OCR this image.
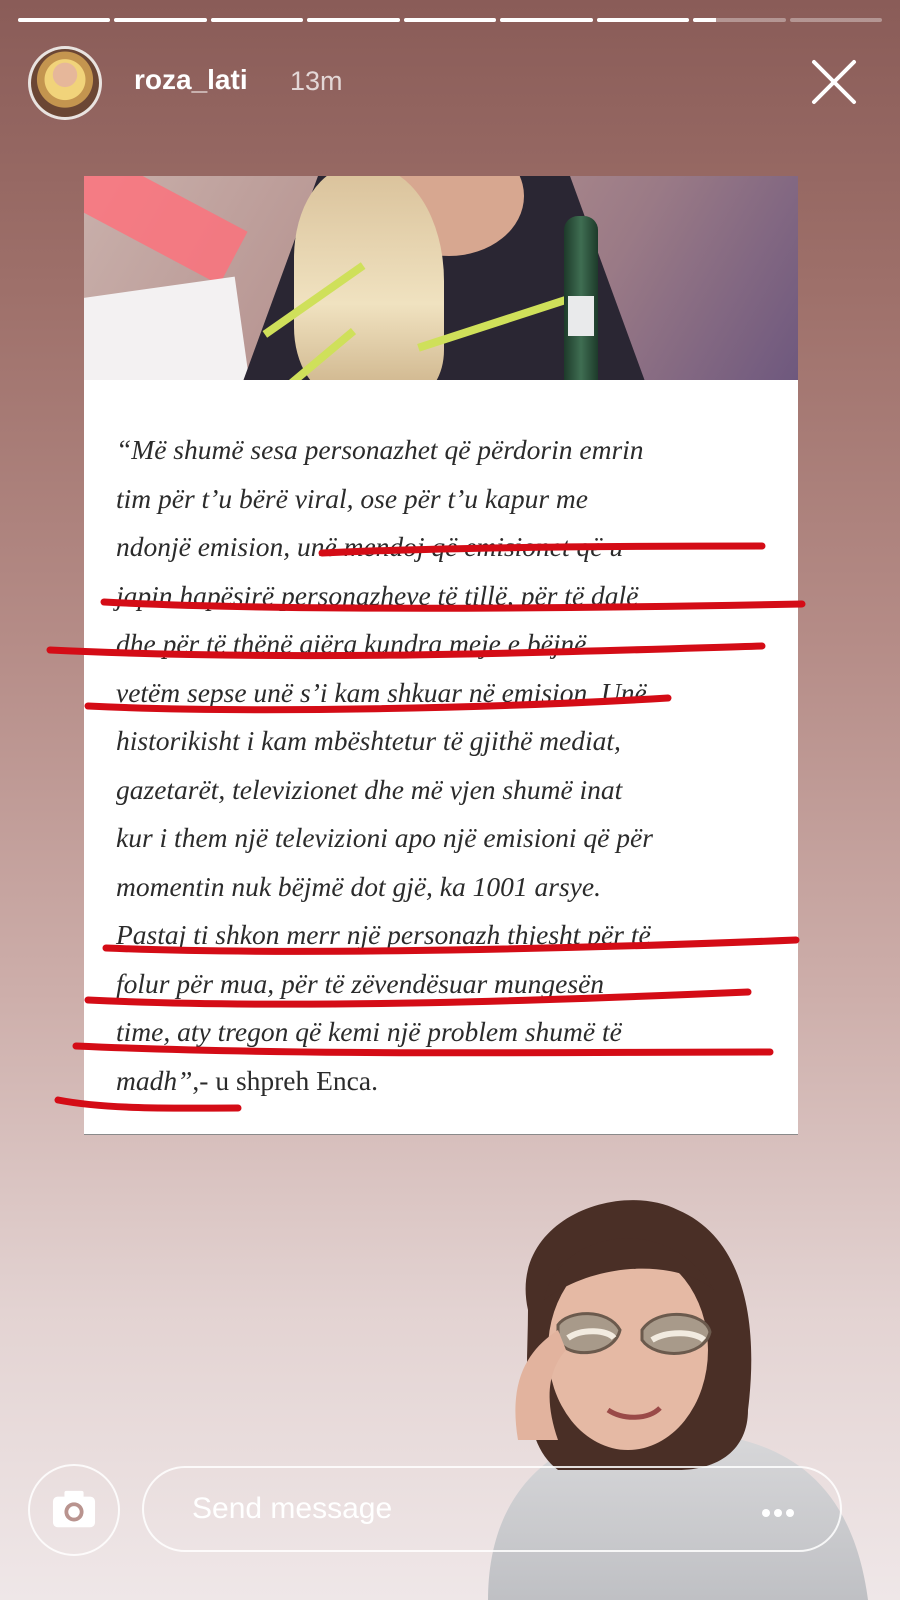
roza_lati 13m
“Më shumë sesa personazhet që përdorin emrin
tim për t’u bërë viral, ose për t’u kapur me
ndonjë emision, unë mendoj që emisionet që u
japin hapësirë personazheve të tillë, për të dalë
dhe për të thënë gjëra kundra meje e bëjnë
vetëm sepse unë s’i kam shkuar në emision. Unë
historikisht i kam mbështetur të gjithë mediat,
gazetarët, televizionet dhe më vjen shumë inat
kur i them një televizioni apo një emisioni që për
momentin nuk bëjmë dot gjë, ka 1001 arsye.
Pastaj ti shkon merr një personazh thjesht për të
folur për mua, për të zëvendësuar mungesën
time, aty tregon që kemi një problem shumë të
madh”,- u shpreh Enca.
Send message
